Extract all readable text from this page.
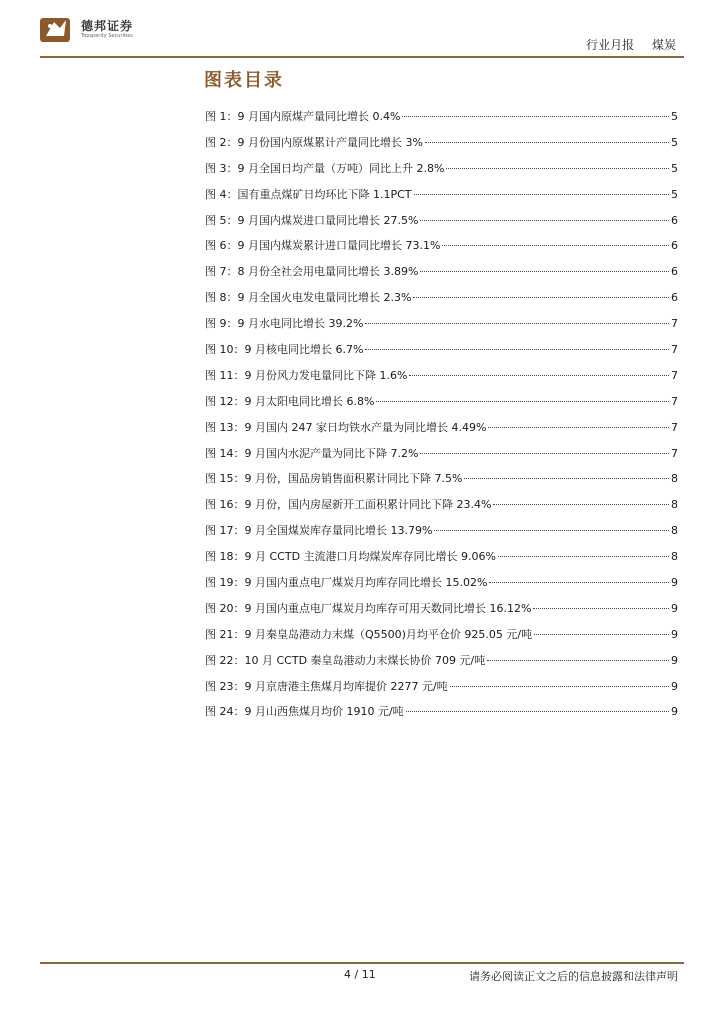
德邦证券
Topsperity Securities
行业月报 煤炭
图表目录
图 1：9 月国内原煤产量同比增长 0.4%	5
图 2：9 月份国内原煤累计产量同比增长 3%	5
图 3：9 月全国日均产量（万吨）同比上升 2.8%	5
图 4：国有重点煤矿日均环比下降 1.1PCT	5
图 5：9 月国内煤炭进口量同比增长 27.5%	6
图 6：9 月国内煤炭累计进口量同比增长 73.1%	6
图 7：8 月份全社会用电量同比增长 3.89%	6
图 8：9 月全国火电发电量同比增长 2.3%	6
图 9：9 月水电同比增长 39.2%	7
图 10：9 月核电同比增长 6.7%	7
图 11：9 月份风力发电量同比下降 1.6%	7
图 12：9 月太阳电同比增长 6.8%	7
图 13：9 月国内 247 家日均铁水产量为同比增长 4.49%	7
图 14：9 月国内水泥产量为同比下降 7.2%	7
图 15：9 月份，国品房销售面积累计同比下降 7.5%	8
图 16：9 月份，国内房屋新开工面积累计同比下降 23.4%	8
图 17：9 月全国煤炭库存量同比增长 13.79%	8
图 18：9 月 CCTD 主流港口月均煤炭库存同比增长 9.06%	8
图 19：9 月国内重点电厂煤炭月均库存同比增长 15.02%	9
图 20：9 月国内重点电厂煤炭月均库存可用天数同比增长 16.12%	9
图 21：9 月秦皇岛港动力末煤（Q5500)月均平仓价 925.05 元/吨	9
图 22：10 月 CCTD 秦皇岛港动力末煤长协价 709 元/吨	9
图 23：9 月京唐港主焦煤月均库提价 2277 元/吨	9
图 24：9 月山西焦煤月均价 1910 元/吨	9
4 / 11	请务必阅读正文之后的信息披露和法律声明
